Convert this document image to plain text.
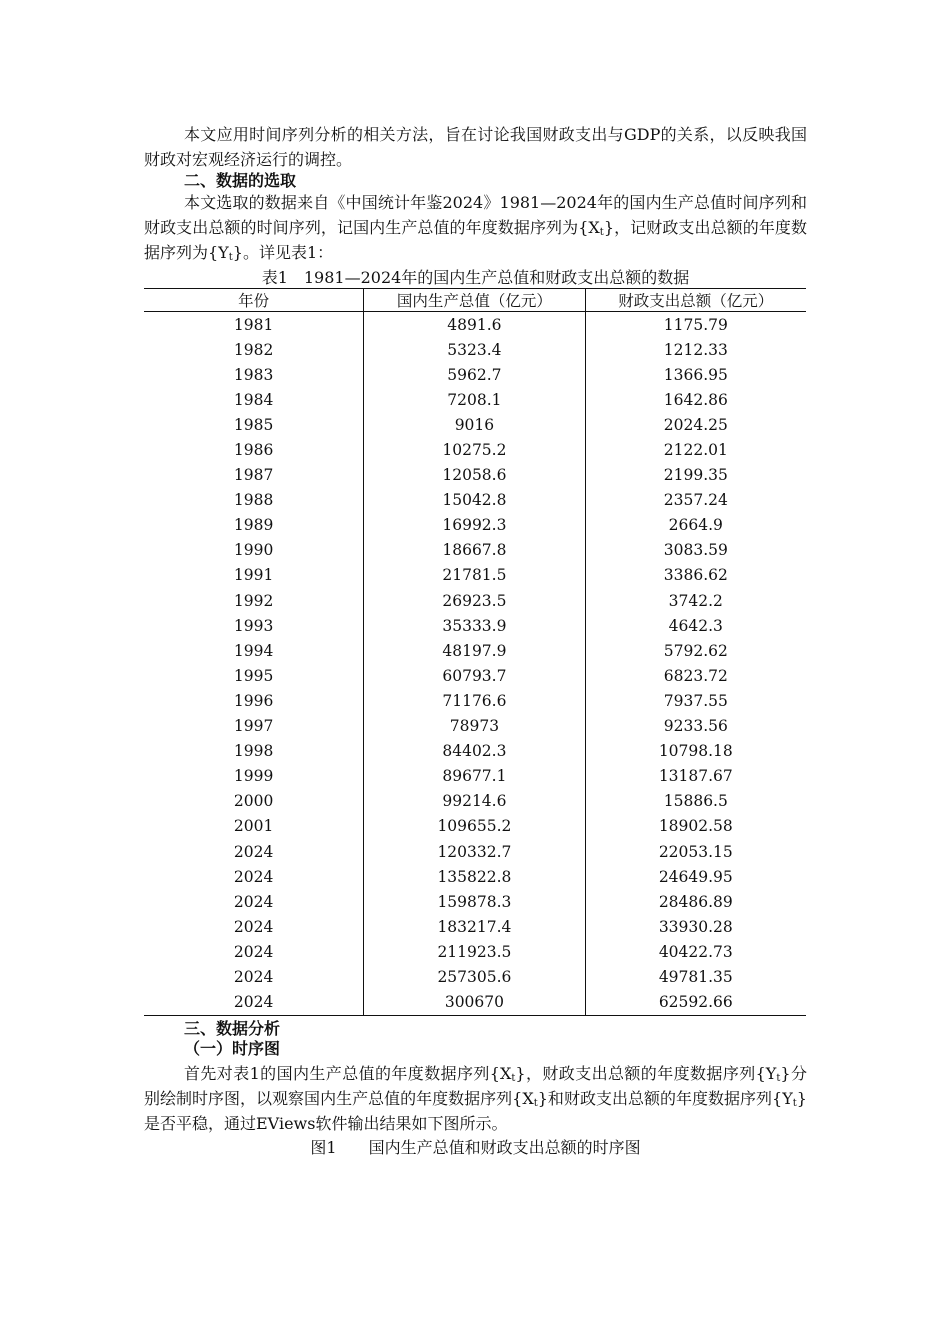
本文应用时间序列分析的相关方法，旨在讨论我国财政支出与GDP的关系，以反映我国财政对宏观经济运行的调控。

二、数据的选取

本文选取的数据来自《中国统计年鉴2024》1981—2024年的国内生产总值时间序列和财政支出总额的时间序列，记国内生产总值的年度数据序列为$\{X_t\}$，记财政支出总额的年度数据序列为$\{Y_t\}$。详见表1：

表1　1981—2024年的国内生产总值和财政支出总额的数据

年份	国内生产总值（亿元）	财政支出总额（亿元）
1981	4891.6	1175.79
1982	5323.4	1212.33
1983	5962.7	1366.95
1984	7208.1	1642.86
1985	9016	2024.25
1986	10275.2	2122.01
1987	12058.6	2199.35
1988	15042.8	2357.24
1989	16992.3	2664.9
1990	18667.8	3083.59
1991	21781.5	3386.62
1992	26923.5	3742.2
1993	35333.9	4642.3
1994	48197.9	5792.62
1995	60793.7	6823.72
1996	71176.6	7937.55
1997	78973	9233.56
1998	84402.3	10798.18
1999	89677.1	13187.67
2000	99214.6	15886.5
2001	109655.2	18902.58
2024	120332.7	22053.15
2024	135822.8	24649.95
2024	159878.3	28486.89
2024	183217.4	33930.28
2024	211923.5	40422.73
2024	257305.6	49781.35
2024	300670	62592.66

三、数据分析

（一）时序图

首先对表1的国内生产总值的年度数据序列$\{X_t\}$，财政支出总额的年度数据序列$\{Y_t\}$分别绘制时序图，以观察国内生产总值的年度数据序列$\{X_t\}$和财政支出总额的年度数据序列$\{Y_t\}$是否平稳，通过EViews软件输出结果如下图所示。

图1　　国内生产总值和财政支出总额的时序图
